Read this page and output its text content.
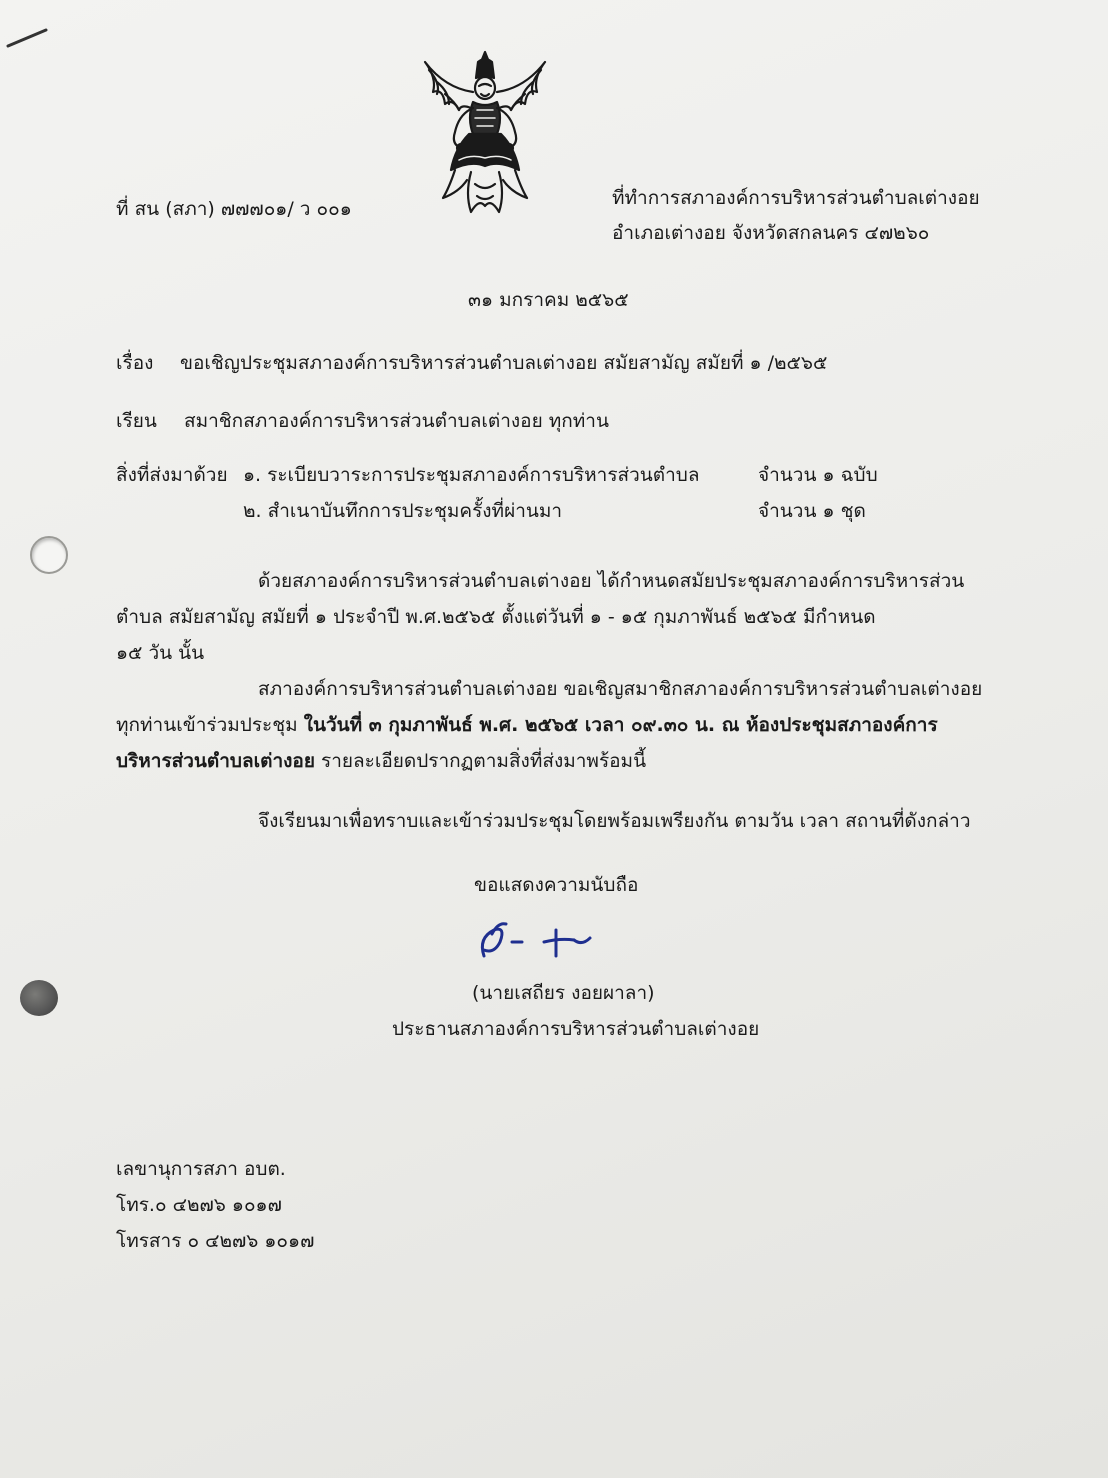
ที่ สน (สภา) ๗๗๗๐๑/ ว ๐๐๑	ที่ทำการสภาองค์การบริหารส่วนตำบลเต่างอย
อำเภอเต่างอย จังหวัดสกลนคร ๔๗๒๖๐
๓๑ มกราคม ๒๕๖๕
เรื่อง ขอเชิญประชุมสภาองค์การบริหารส่วนตำบลเต่างอย สมัยสามัญ สมัยที่ ๑ /๒๕๖๕
เรียน สมาชิกสภาองค์การบริหารส่วนตำบลเต่างอย ทุกท่าน
สิ่งที่ส่งมาด้วย ๑. ระเบียบวาระการประชุมสภาองค์การบริหารส่วนตำบล	จำนวน ๑ ฉบับ
๒. สำเนาบันทึกการประชุมครั้งที่ผ่านมา	จำนวน ๑ ชุด
ด้วยสภาองค์การบริหารส่วนตำบลเต่างอย ได้กำหนดสมัยประชุมสภาองค์การบริหารส่วน
ตำบล สมัยสามัญ สมัยที่ ๑ ประจำปี พ.ศ.๒๕๖๕ ตั้งแต่วันที่ ๑ - ๑๕ กุมภาพันธ์ ๒๕๖๕ มีกำหนด
๑๕ วัน นั้น
สภาองค์การบริหารส่วนตำบลเต่างอย ขอเชิญสมาชิกสภาองค์การบริหารส่วนตำบลเต่างอย
ทุกท่านเข้าร่วมประชุม ในวันที่ ๓ กุมภาพันธ์ พ.ศ. ๒๕๖๕ เวลา ๐๙.๓๐ น. ณ ห้องประชุมสภาองค์การ
บริหารส่วนตำบลเต่างอย รายละเอียดปรากฏตามสิ่งที่ส่งมาพร้อมนี้
จึงเรียนมาเพื่อทราบและเข้าร่วมประชุมโดยพร้อมเพรียงกัน ตามวัน เวลา สถานที่ดังกล่าว
ขอแสดงความนับถือ
(นายเสถียร งอยผาลา)
ประธานสภาองค์การบริหารส่วนตำบลเต่างอย
เลขานุการสภา อบต.
โทร.๐ ๔๒๗๖ ๑๐๑๗
โทรสาร ๐ ๔๒๗๖ ๑๐๑๗
